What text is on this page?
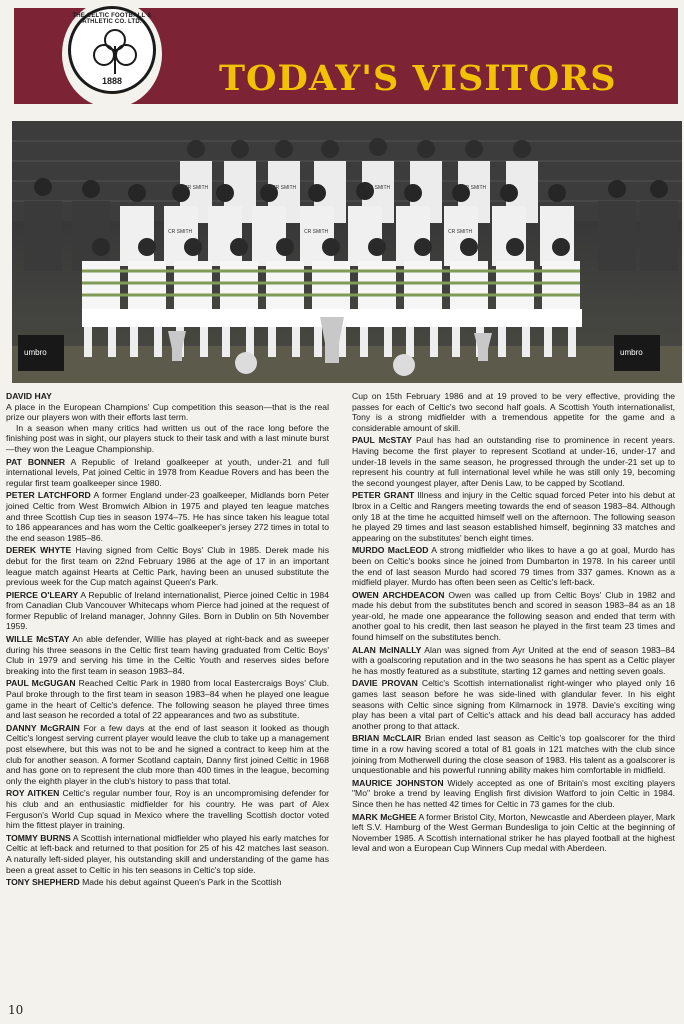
TODAY'S VISITORS
THE CELTIC FOOTBALL & ATHLETIC CO. LTD.
1888
umbro	umbro
CR SMITH	CR SMITH	CR SMITH	CR SMITH
CR SMITH	CR SMITH	CR SMITH
DAVID HAY
A place in the European Champions' Cup competition this season—that is the real prize our players won with their efforts last term.
In a season when many critics had written us out of the race long before the finishing post was in sight, our players stuck to their task and with a last minute burst—they won the League Championship.
PAT BONNER A Republic of Ireland goalkeeper at youth, under-21 and full international levels, Pat joined Celtic in 1978 from Keadue Rovers and has been the regular first team goalkeeper since 1980.
PETER LATCHFORD A former England under-23 goalkeeper, Midlands born Peter joined Celtic from West Bromwich Albion in 1975 and played ten league matches and three Scottish Cup ties in season 1974–75. He has since taken his league total to 186 appearances and has worn the Celtic goalkeeper's jersey 272 times in total to the end season 1985–86.
DEREK WHYTE Having signed from Celtic Boys' Club in 1985. Derek made his debut for the first team on 22nd February 1986 at the age of 17 in an important league match against Hearts at Celtic Park, having been an unused substitute the previous week for the Cup match against Queen's Park.
PIERCE O'LEARY A Republic of Ireland internationalist, Pierce joined Celtic in 1984 from Canadian Club Vancouver Whitecaps whom Pierce had joined at the request of former Republic of Ireland manager, Johnny Giles. Born in Dublin on 5th November 1959.
WILLE McSTAY An able defender, Willie has played at right-back and as sweeper during his three seasons in the Celtic first team having graduated from Celtic Boys' Club in 1979 and serving his time in the Celtic Youth and reserves sides before breaking into the first team in season 1983–84.
PAUL McGUGAN Reached Celtic Park in 1980 from local Eastercraigs Boys' Club. Paul broke through to the first team in season 1983–84 when he played one league game in the heart of Celtic's defence. The following season he played three times and last season he recorded a total of 22 appearances and two as substitute.
DANNY McGRAIN For a few days at the end of last season it looked as though Celtic's longest serving current player would leave the club to take up a management post elsewhere, but this was not to be and he signed a contract to keep him at the club for another season. A former Scotland captain, Danny first joined Celtic in 1968 and has gone on to represent the club more than 400 times in the league, becoming only the eighth player in the club's history to pass that total.
ROY AITKEN Celtic's regular number four, Roy is an uncompromising defender for his club and an enthusiastic midfielder for his country. He was part of Alex Ferguson's World Cup squad in Mexico where the travelling Scottish doctor voted him the fittest player in training.
TOMMY BURNS A Scottish international midfielder who played his early matches for Celtic at left-back and returned to that position for 25 of his 42 matches last season. A naturally left-sided player, his outstanding skill and understanding of the game has been a great asset to Celtic in his ten seasons in Celtic's top side.
TONY SHEPHERD Made his debut against Queen's Park in the Scottish
Cup on 15th February 1986 and at 19 proved to be very effective, providing the passes for each of Celtic's two second half goals. A Scottish Youth internationalist, Tony is a strong midfielder with a tremendous appetite for the game and a considerable amount of skill.
PAUL McSTAY Paul has had an outstanding rise to prominence in recent years. Having become the first player to represent Scotland at under-16, under-17 and under-18 levels in the same season, he progressed through the under-21 set up to represent his country at full international level while he was still only 19, becoming the second youngest player, after Denis Law, to be capped by Scotland.
PETER GRANT Illness and injury in the Celtic squad forced Peter into his debut at Ibrox in a Celtic and Rangers meeting towards the end of season 1983–84. Although only 18 at the time he acquitted himself well on the afternoon. The following season he played 29 times and last season established himself, beginning 33 matches and appearing on the substitutes' bench eight times.
MURDO MacLEOD A strong midfielder who likes to have a go at goal, Murdo has been on Celtic's books since he joined from Dumbarton in 1978. In his career until the end of last season Murdo had scored 79 times from 337 games. Known as a midfield player. Murdo has often been seen as Celtic's left-back.
OWEN ARCHDEACON Owen was called up from Celtic Boys' Club in 1982 and made his debut from the substitutes bench and scored in season 1983–84 as an 18 year-old, he made one appearance the following season and ended that term with another goal to his credit, then last season he played in the first team 23 times and found himself on the substitutes bench.
ALAN McINALLY Alan was signed from Ayr United at the end of season 1983–84 with a goalscoring reputation and in the two seasons he has spent as a Celtic player he has mostly featured as a substitute, starting 12 games and netting seven goals.
DAVIE PROVAN Celtic's Scottish internationalist right-winger who played only 16 games last season before he was side-lined with glandular fever. In his eight seasons with Celtic since signing from Kilmarnock in 1978. Davie's exciting wing play has been a vital part of Celtic's attack and his dead ball accuracy has added another prong to that attack.
BRIAN McCLAIR Brian ended last season as Celtic's top goalscorer for the third time in a row having scored a total of 81 goals in 121 matches with the club since joining from Motherwell during the close season of 1983. His talent as a goalscorer is unquestionable and his powerful running ability makes him comfortable in midfield.
MAURICE JOHNSTON Widely accepted as one of Britain's most exciting players "Mo" broke a trend by leaving English first division Watford to join Celtic in 1984. Since then he has netted 42 times for Celtic in 73 games for the club.
MARK McGHEE A former Bristol City, Morton, Newcastle and Aberdeen player, Mark left S.V. Hamburg of the West German Bundesliga to join Celtic at the beginning of November 1985. A Scottish international striker he has played football at the highest leval and won a European Cup Winners Cup medal with Aberdeen.
10
